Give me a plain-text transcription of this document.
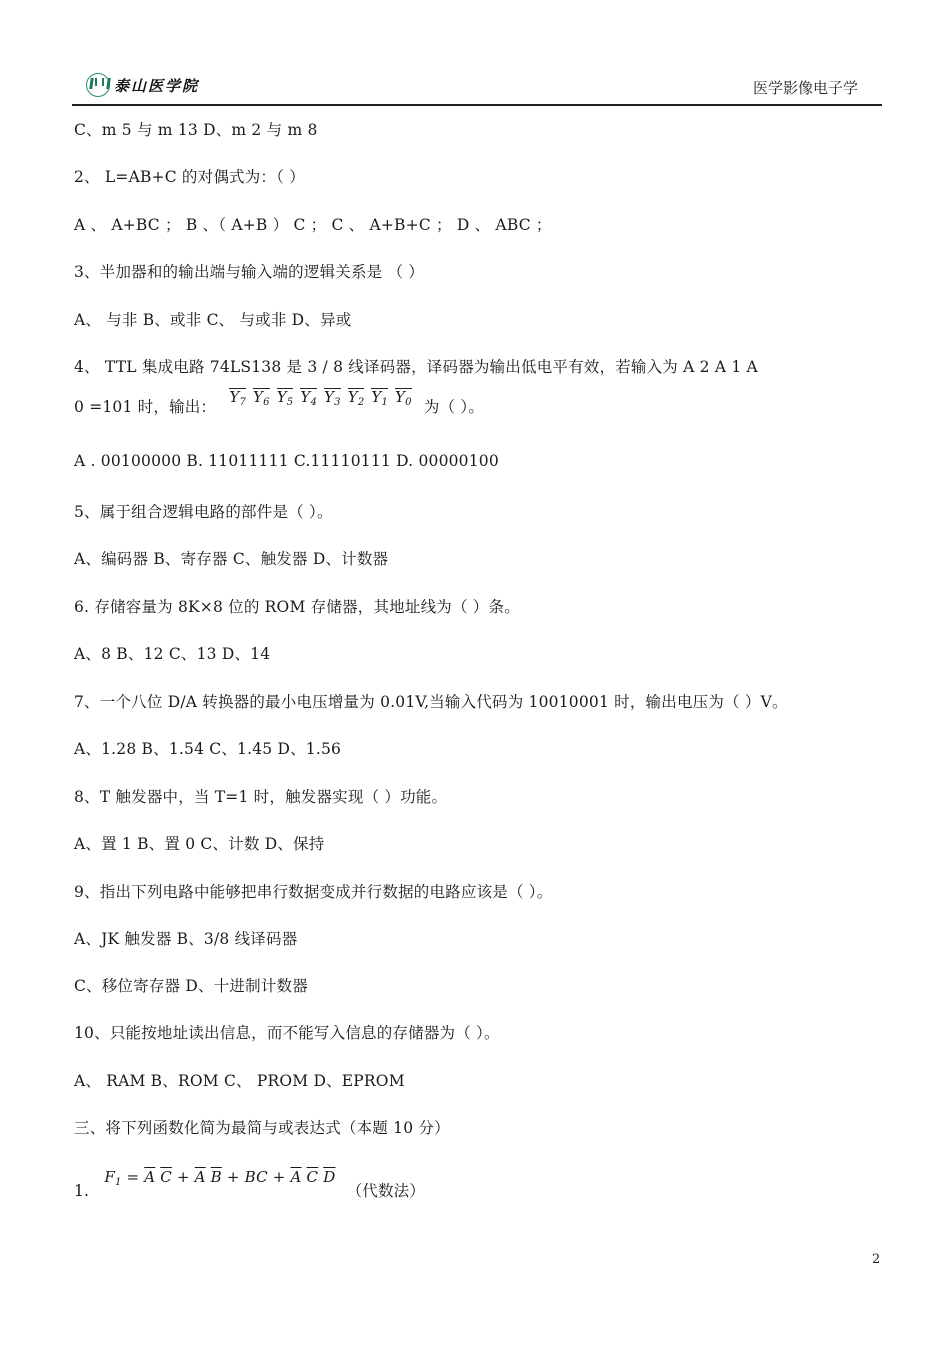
泰山医学院	医学影像电子学
C、m 5 与 m 13 D、m 2 与 m 8
2、 L=AB+C 的对偶式为：（ ）
A 、 A+BC ； B 、（ A+B ） C ； C 、 A+B+C ； D 、 ABC ；
3、半加器和的输出端与输入端的逻辑关系是 （ ）
A、 与非 B、或非 C、 与或非 D、异或
4、 TTL 集成电路 74LS138 是 3 / 8 线译码器，译码器为输出低电平有效，若输入为 A 2 A 1 A
0 =101 时，输出： $Y_7$ $Y_6$ $Y_5$ $Y_4$ $Y_3$ $Y_2$ $Y_1$ $Y_0$ 为（ ）。
A . 00100000 B. 11011111 C.11110111 D. 00000100
5、属于组合逻辑电路的部件是（ ）。
A、编码器 B、寄存器 C、触发器 D、计数器
6. 存储容量为 8K×8 位的 ROM 存储器，其地址线为（ ）条。
A、8 B、12 C、13 D、14
7、一个八位 D/A 转换器的最小电压增量为 0.01V,当输入代码为 10010001 时，输出电压为（ ）V。
A、1.28 B、1.54 C、1.45 D、1.56
8、T 触发器中，当 T=1 时，触发器实现（ ）功能。
A、置 1 B、置 0 C、计数 D、保持
9、指出下列电路中能够把串行数据变成并行数据的电路应该是（ ）。
A、JK 触发器 B、3/8 线译码器
C、移位寄存器 D、十进制计数器
10、只能按地址读出信息，而不能写入信息的存储器为（ ）。
A、 RAM B、ROM C、 PROM D、EPROM
三、将下列函数化简为最简与或表达式（本题 10 分）
1. $F_1 = \overline{A}$ $\overline{C} + \overline{A}$ $\overline{B}$ + BC + $\overline{A}$ $\overline{C}$ $\overline{D}$ （代数法）
2
